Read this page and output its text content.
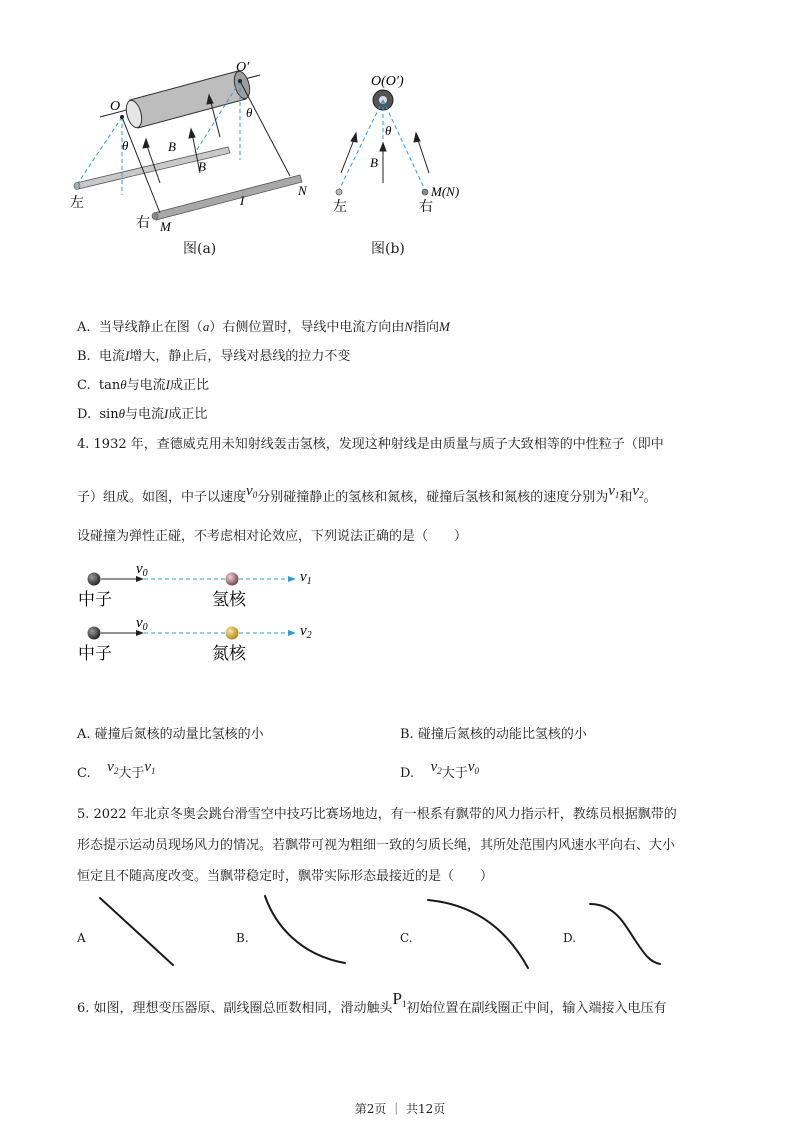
O
O′
θ
θ
B
B
I
N
M
左
右
图(a)
O(O′)
θ
B
左	右
M(N)
图(b)
A. 当导线静止在图（a）右侧位置时，导线中电流方向由N指向M
B. 电流I增大，静止后，导线对悬线的拉力不变
C. tanθ与电流I成正比
D. sinθ与电流I成正比
4. 1932 年，查德威克用未知射线轰击氢核，发现这种射线是由质量与质子大致相等的中性粒子（即中
子）组成。如图，中子以速度$v_0$分别碰撞静止的氢核和氮核，碰撞后氢核和氮核的速度分别为$v_1$和$v_2$。
设碰撞为弹性正碰，不考虑相对论效应，下列说法正确的是（　　）
$v_0$	$v_1$
中子	氢核
$v_0$	$v_2$
中子	氮核
A. 碰撞后氮核的动量比氢核的小	B. 碰撞后氮核的动能比氢核的小
C. $v_2$大于$v_1$	D. $v_2$大于$v_0$
5. 2022 年北京冬奥会跳台滑雪空中技巧比赛场地边，有一根系有飘带的风力指示杆，教练员根据飘带的
形态提示运动员现场风力的情况。若飘带可视为粗细一致的匀质长绳，其所处范围内风速水平向右、大小
恒定且不随高度改变。当飘带稳定时，飘带实际形态最接近的是（　　）
A	B.	C.	D.
6. 如图，理想变压器原、副线圈总匝数相同，滑动触头$P_1$初始位置在副线圈正中间，输入端接入电压有
第2页 ｜ 共12页
